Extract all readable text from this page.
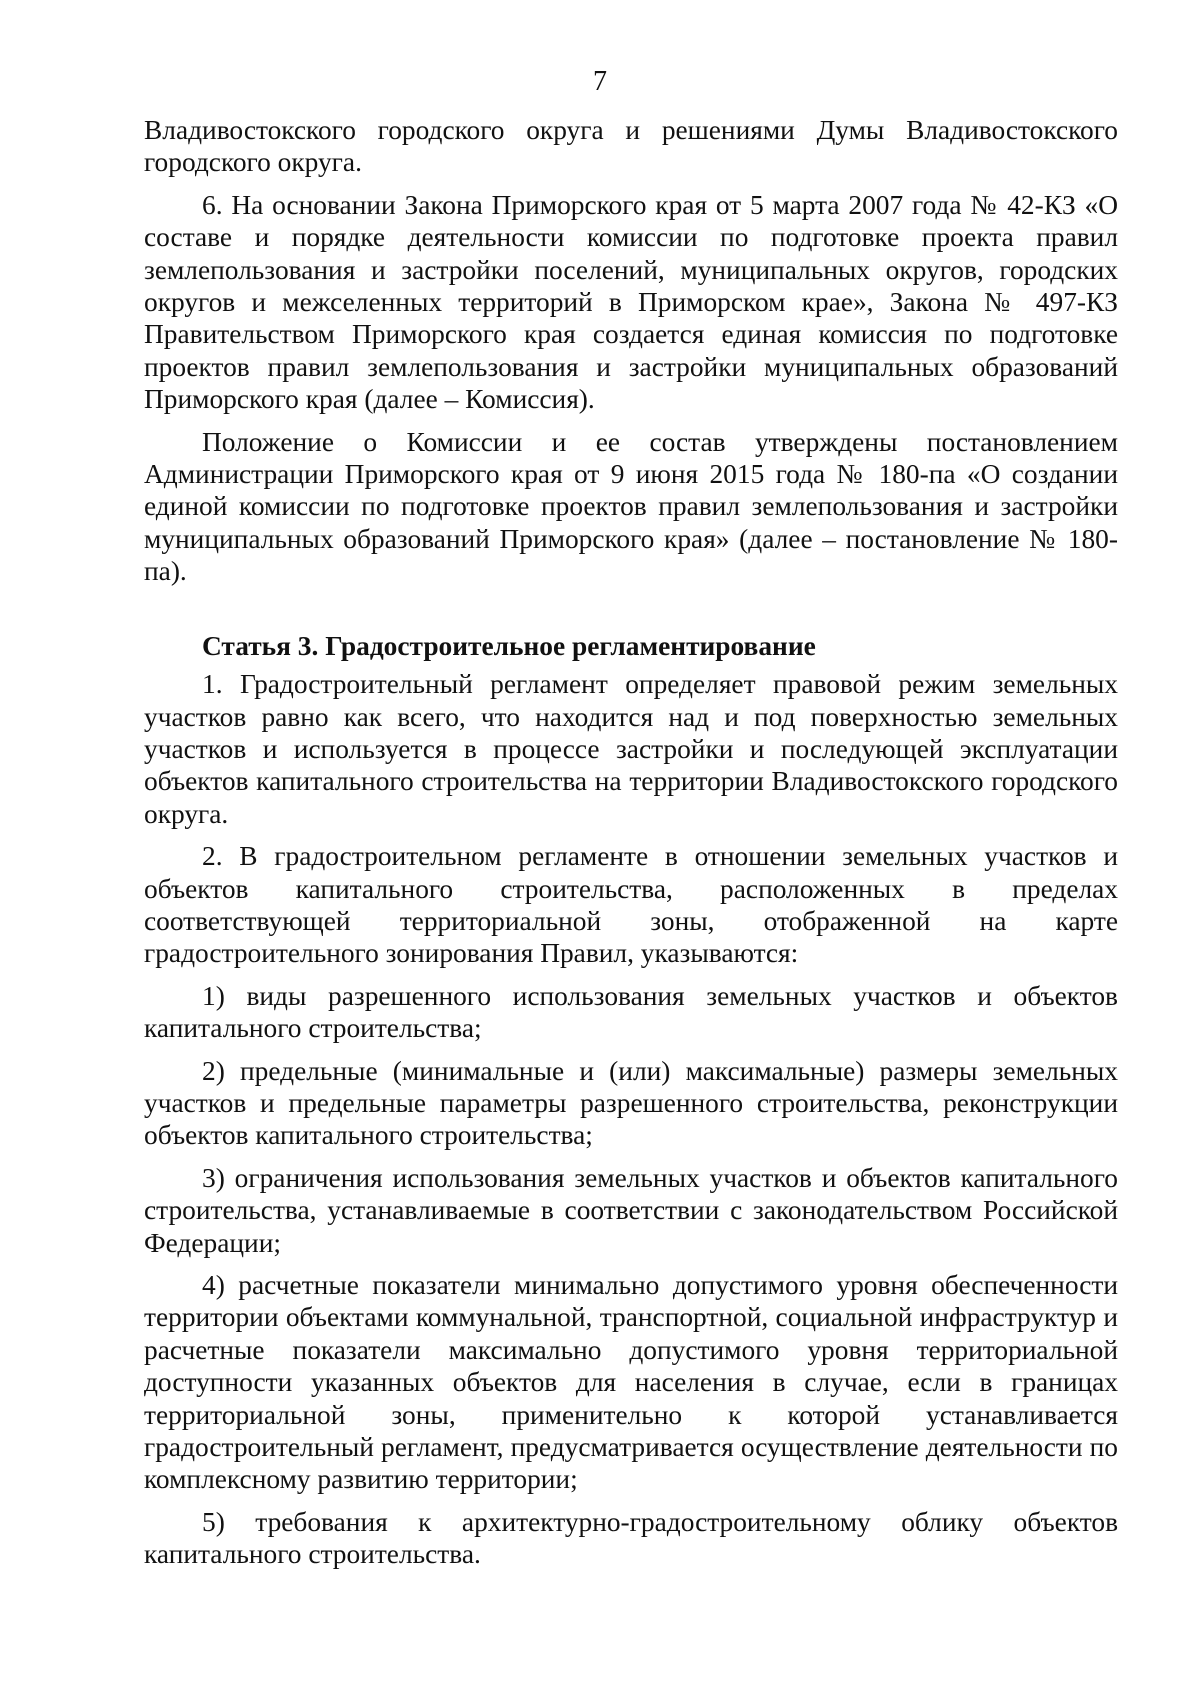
7

Владивостокского городского округа и решениями Думы Владивостокского городского округа.

6. На основании Закона Приморского края от 5 марта 2007 года № 42-КЗ «О составе и порядке деятельности комиссии по подготовке проекта правил землепользования и застройки поселений, муниципальных округов, городских округов и межселенных территорий в Приморском крае», Закона № 497-КЗ Правительством Приморского края создается единая комиссия по подготовке проектов правил землепользования и застройки муниципальных образований Приморского края (далее – Комиссия).

Положение о Комиссии и ее состав утверждены постановлением Администрации Приморского края от 9 июня 2015 года № 180-па «О создании единой комиссии по подготовке проектов правил землепользования и застройки муниципальных образований Приморского края» (далее – постановление № 180-па).

Статья 3. Градостроительное регламентирование

1. Градостроительный регламент определяет правовой режим земельных участков равно как всего, что находится над и под поверхностью земельных участков и используется в процессе застройки и последующей эксплуатации объектов капитального строительства на территории Владивостокского городского округа.

2. В градостроительном регламенте в отношении земельных участков и объектов капитального строительства, расположенных в пределах соответствующей территориальной зоны, отображенной на карте градостроительного зонирования Правил, указываются:

1) виды разрешенного использования земельных участков и объектов капитального строительства;

2) предельные (минимальные и (или) максимальные) размеры земельных участков и предельные параметры разрешенного строительства, реконструкции объектов капитального строительства;

3) ограничения использования земельных участков и объектов капитального строительства, устанавливаемые в соответствии с законодательством Российской Федерации;

4) расчетные показатели минимально допустимого уровня обеспеченности территории объектами коммунальной, транспортной, социальной инфраструктур и расчетные показатели максимально допустимого уровня территориальной доступности указанных объектов для населения в случае, если в границах территориальной зоны, применительно к которой устанавливается градостроительный регламент, предусматривается осуществление деятельности по комплексному развитию территории;

5) требования к архитектурно-градостроительному облику объектов капитального строительства.
